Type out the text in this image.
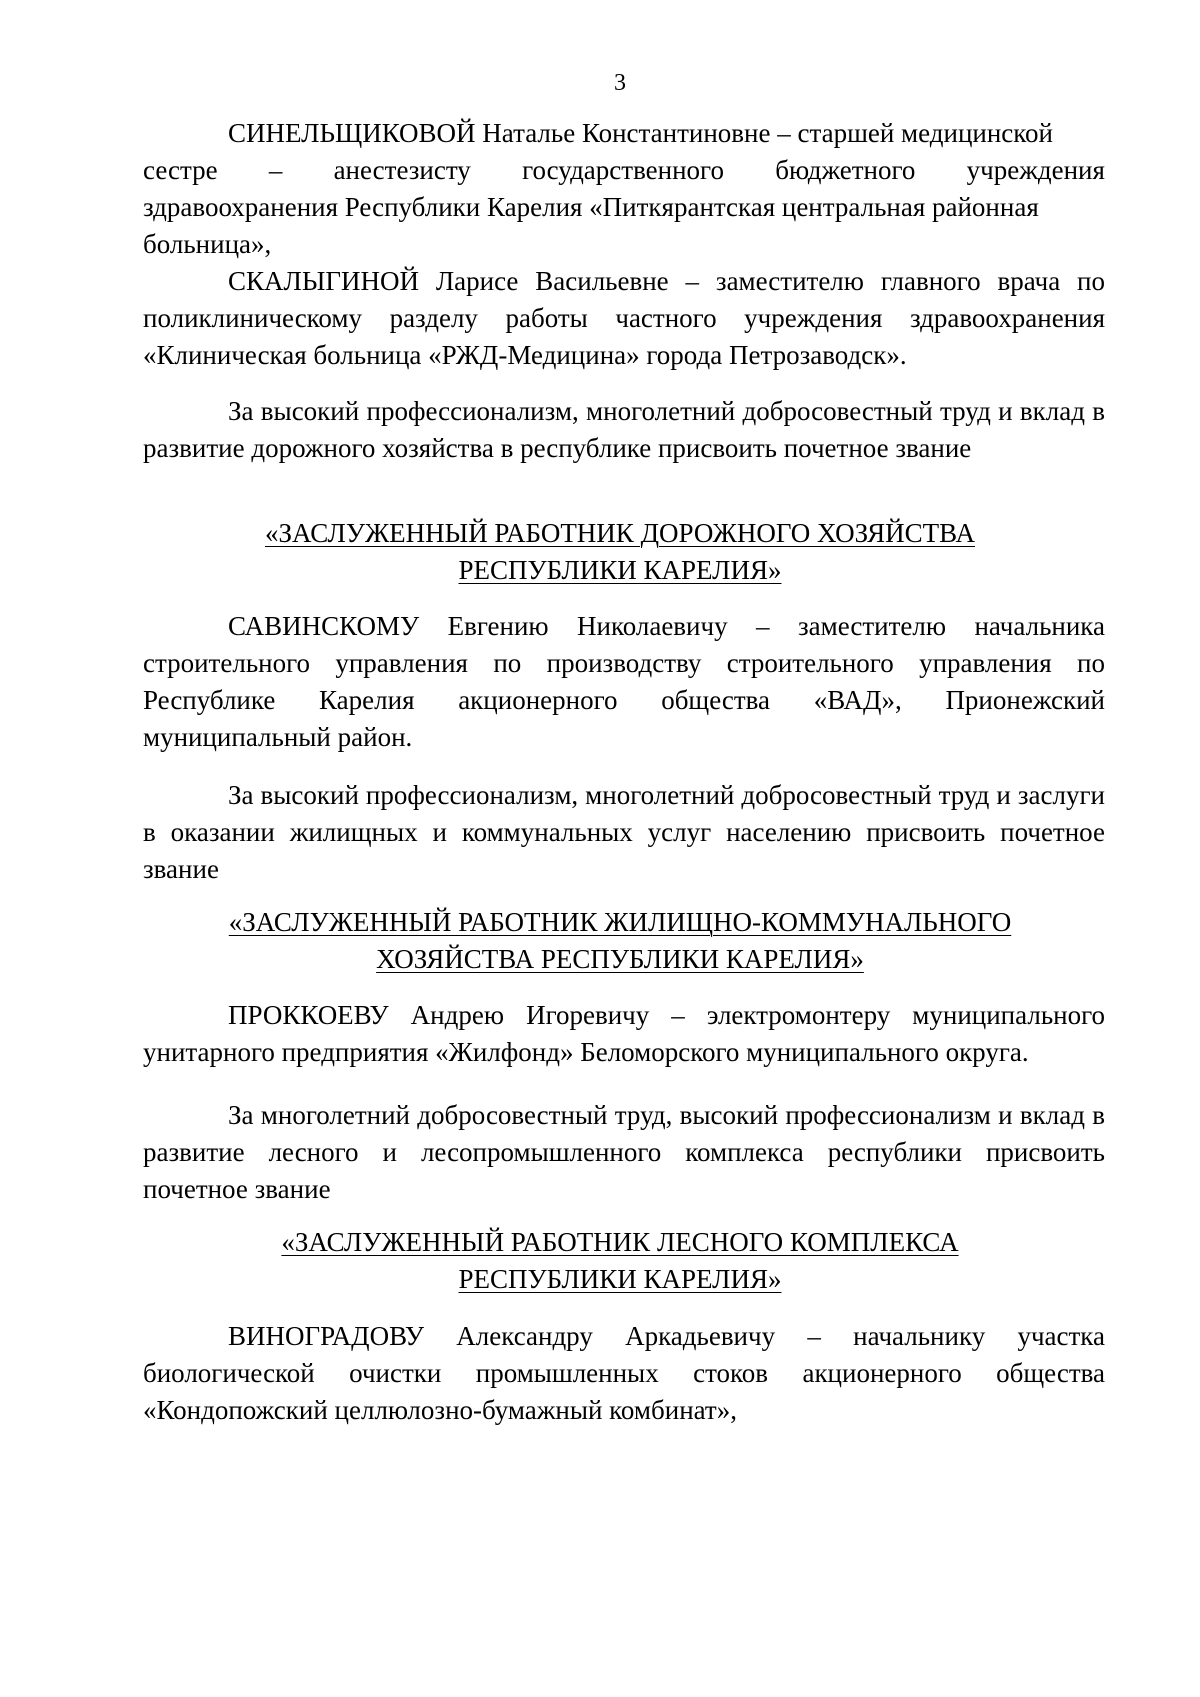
3
СИНЕЛЬЩИКОВОЙ Наталье Константиновне – старшей медицинской
сестре – анестезисту государственного бюджетного учреждения
здравоохранения Республики Карелия «Питкярантская центральная районная
больница»,

СКАЛЫГИНОЙ Ларисе Васильевне – заместителю главного врача по поликлиническому разделу работы частного учреждения здравоохранения «Клиническая больница «РЖД-Медицина» города Петрозаводск».

За высокий профессионализм, многолетний добросовестный труд и вклад в развитие дорожного хозяйства в республике присвоить почетное звание

«ЗАСЛУЖЕННЫЙ РАБОТНИК ДОРОЖНОГО ХОЗЯЙСТВА
РЕСПУБЛИКИ КАРЕЛИЯ»

САВИНСКОМУ Евгению Николаевичу – заместителю начальника строительного управления по производству строительного управления по Республике Карелия акционерного общества «ВАД», Прионежский муниципальный район.

За высокий профессионализм, многолетний добросовестный труд и заслуги в оказании жилищных и коммунальных услуг населению присвоить почетное звание

«ЗАСЛУЖЕННЫЙ РАБОТНИК ЖИЛИЩНО-КОММУНАЛЬНОГО
ХОЗЯЙСТВА РЕСПУБЛИКИ КАРЕЛИЯ»

ПРОККОЕВУ Андрею Игоревичу – электромонтеру муниципального унитарного предприятия «Жилфонд» Беломорского муниципального округа.

За многолетний добросовестный труд, высокий профессионализм и вклад в развитие лесного и лесопромышленного комплекса республики присвоить почетное звание

«ЗАСЛУЖЕННЫЙ РАБОТНИК ЛЕСНОГО КОМПЛЕКСА
РЕСПУБЛИКИ КАРЕЛИЯ»

ВИНОГРАДОВУ Александру Аркадьевичу – начальнику участка биологической очистки промышленных стоков акционерного общества «Кондопожский целлюлозно-бумажный комбинат»,
